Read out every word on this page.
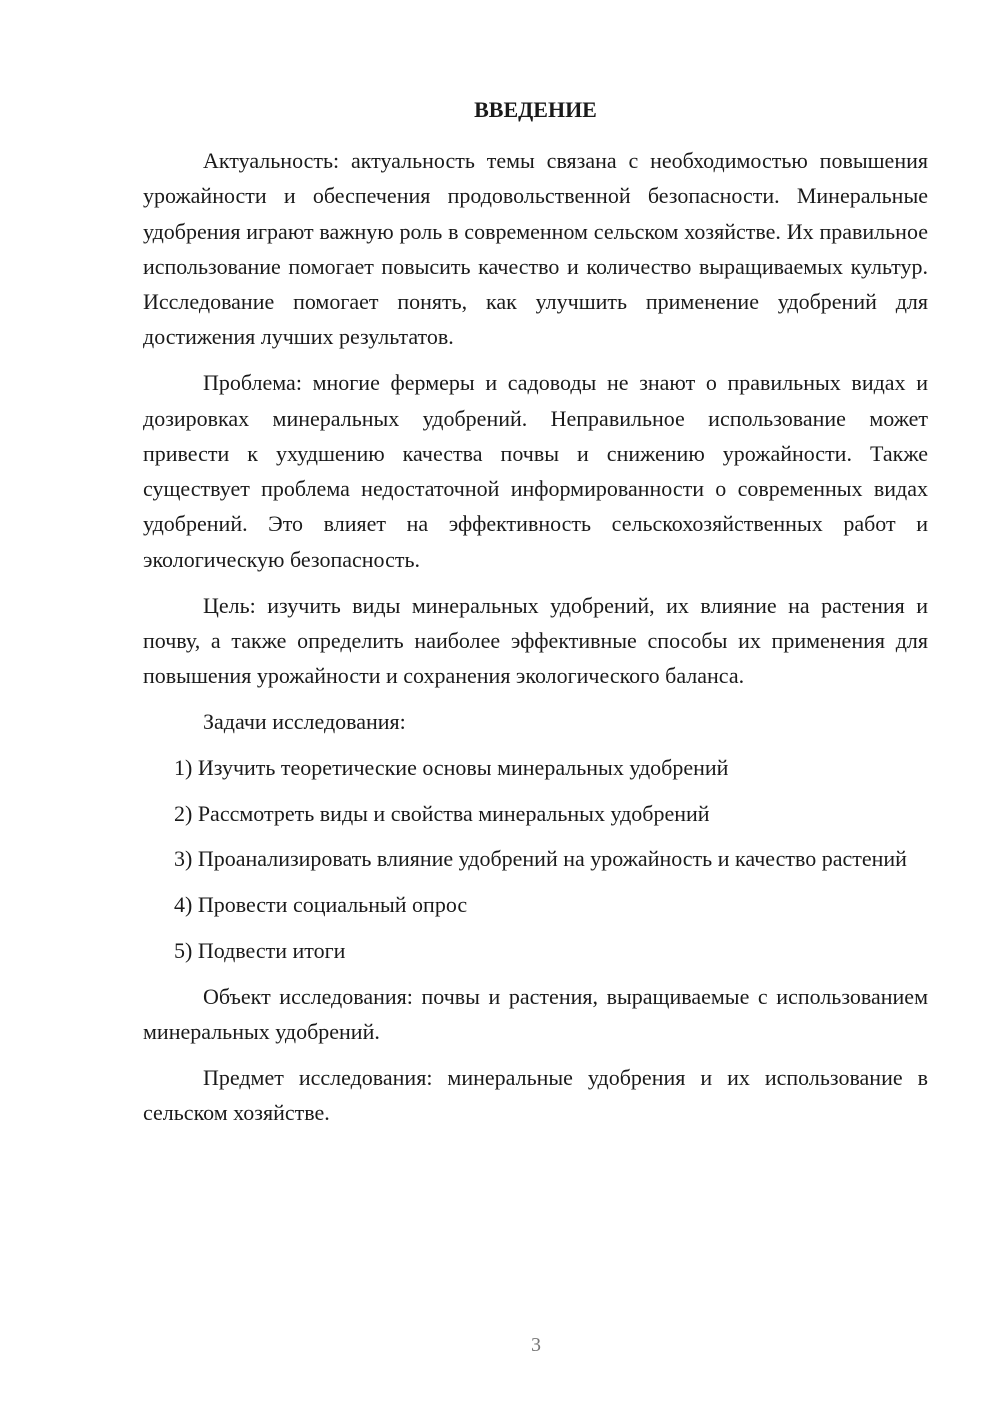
ВВЕДЕНИЕ

Актуальность: актуальность темы связана с необходимостью повышения урожайности и обеспечения продовольственной безопасности. Минеральные удобрения играют важную роль в современном сельском хозяйстве. Их правильное использование помогает повысить качество и количество выращиваемых культур. Исследование помогает понять, как улучшить применение удобрений для достижения лучших результатов.

Проблема: многие фермеры и садоводы не знают о правильных видах и дозировках минеральных удобрений. Неправильное использование может привести к ухудшению качества почвы и снижению урожайности. Также существует проблема недостаточной информированности о современных видах удобрений. Это влияет на эффективность сельскохозяйственных работ и экологическую безопасность.

Цель: изучить виды минеральных удобрений, их влияние на растения и почву, а также определить наиболее эффективные способы их применения для повышения урожайности и сохранения экологического баланса.

Задачи исследования:

1) Изучить теоретические основы минеральных удобрений

2) Рассмотреть виды и свойства минеральных удобрений

3) Проанализировать влияние удобрений на урожайность и качество растений

4) Провести социальный опрос

5) Подвести итоги

Объект исследования: почвы и растения, выращиваемые с использованием минеральных удобрений.

Предмет исследования: минеральные удобрения и их использование в сельском хозяйстве.

3
